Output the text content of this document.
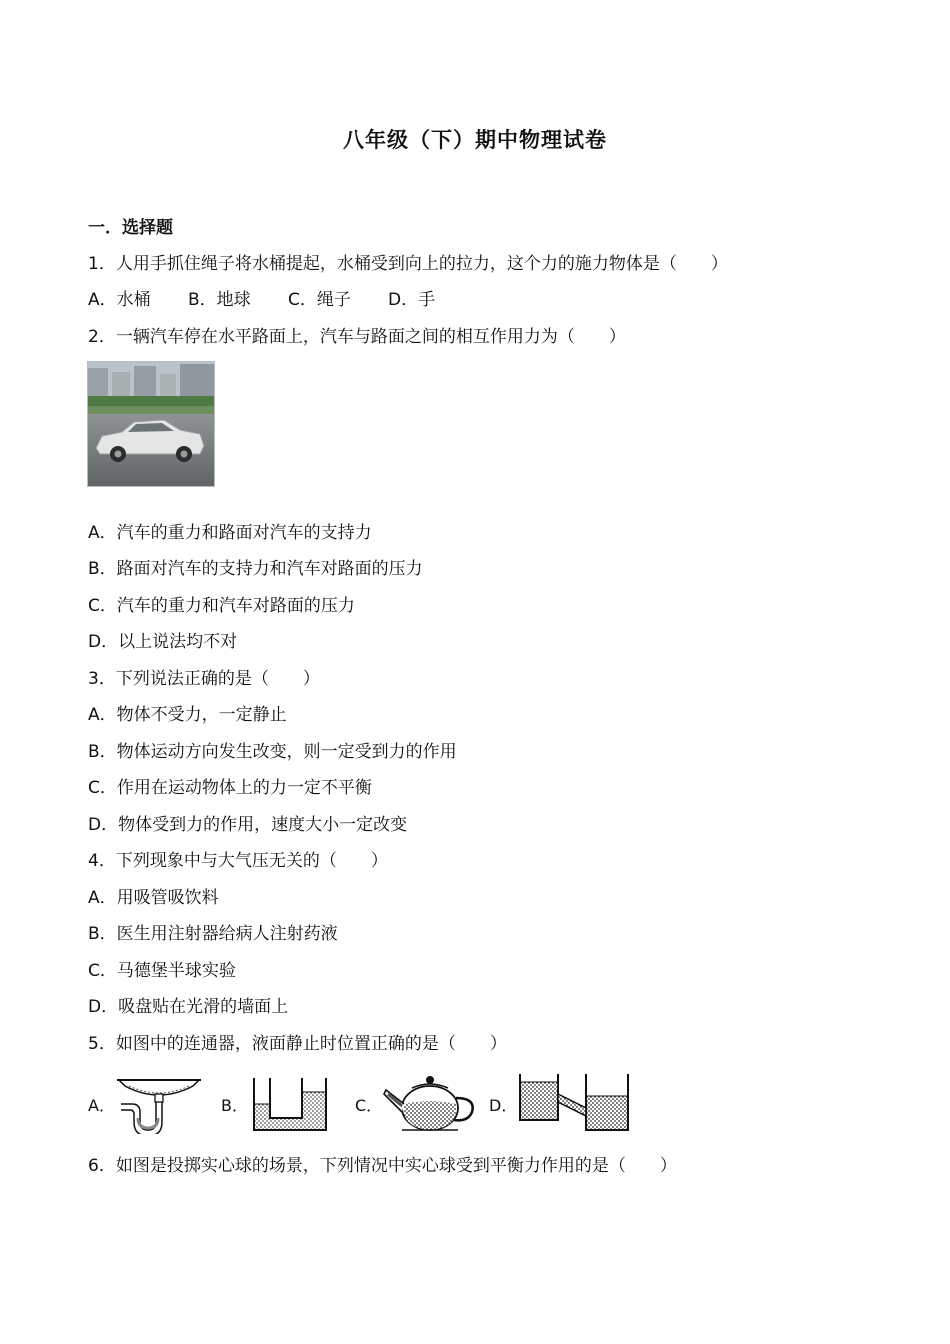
八年级（下）期中物理试卷
一．选择题
1．人用手抓住绳子将水桶提起，水桶受到向上的拉力，这个力的施力物体是（　　）
A．水桶 B．地球 C．绳子 D．手
2．一辆汽车停在水平路面上，汽车与路面之间的相互作用力为（　　）
A．汽车的重力和路面对汽车的支持力
B．路面对汽车的支持力和汽车对路面的压力
C．汽车的重力和汽车对路面的压力
D．以上说法均不对
3．下列说法正确的是（　　）
A．物体不受力，一定静止
B．物体运动方向发生改变，则一定受到力的作用
C．作用在运动物体上的力一定不平衡
D．物体受到力的作用，速度大小一定改变
4．下列现象中与大气压无关的（　　）
A．用吸管吸饮料
B．医生用注射器给病人注射药液
C．马德堡半球实验
D．吸盘贴在光滑的墙面上
5．如图中的连通器，液面静止时位置正确的是（　　）
A．	B．	C．	D．
6．如图是投掷实心球的场景，下列情况中实心球受到平衡力作用的是（　　）
